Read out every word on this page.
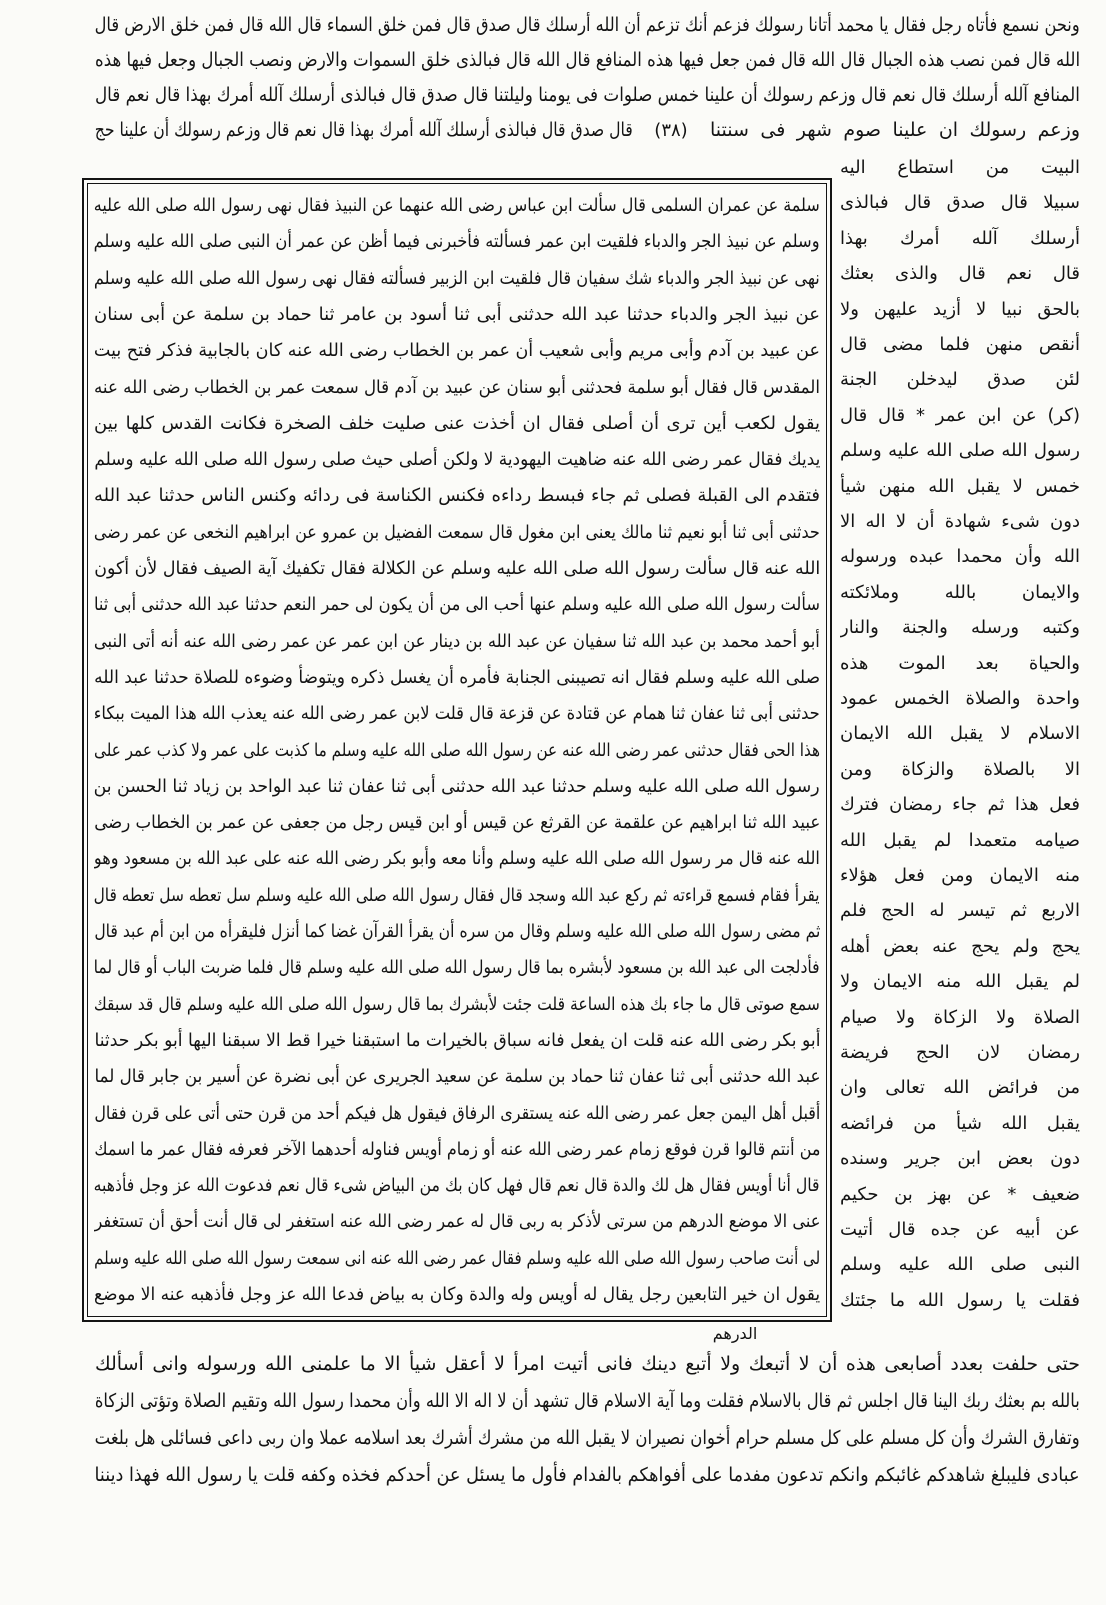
ونحن نسمع فأتاه رجل فقال يا محمد أتانا رسولك فزعم أنك تزعم أن الله أرسلك قال صدق قال فمن خلق السماء قال الله قال فمن خلق الارض قال
الله قال فمن نصب هذه الجبال قال الله قال فمن جعل فيها هذه المنافع قال الله قال فبالذى خلق السموات والارض ونصب الجبال وجعل فيها هذه
المنافع آلله أرسلك قال نعم قال وزعم رسولك أن علينا خمس صلوات فى يومنا وليلتنا قال صدق قال فبالذى أرسلك آلله أمرك بهذا قال نعم قال
وزعم رسولك ان علينا صوم شهر فى سنتنا
(٣٨)
قال صدق قال فبالذى أرسلك آلله أمرك بهذا قال نعم قال وزعم رسولك أن علينا حج
البيت من استطاع اليه
سبيلا قال صدق قال فبالذى
أرسلك آلله أمرك بهذا
قال نعم قال والذى بعثك
بالحق نبيا لا أزيد عليهن ولا
أنقص منهن فلما مضى قال
لئن صدق ليدخلن الجنة
(كر) عن ابن عمر * قال قال
رسول الله صلى الله عليه وسلم
خمس لا يقبل الله منهن شيأ
دون شىء شهادة أن لا اله الا
الله وأن محمدا عبده ورسوله
والايمان بالله وملائكته
وكتبه ورسله والجنة والنار
والحياة بعد الموت هذه
واحدة والصلاة الخمس عمود
الاسلام لا يقبل الله الايمان
الا بالصلاة والزكاة ومن
فعل هذا ثم جاء رمضان فترك
صيامه متعمدا لم يقبل الله
منه الايمان ومن فعل هؤلاء
الاربع ثم تيسر له الحج فلم
يحج ولم يحج عنه بعض أهله
لم يقبل الله منه الايمان ولا
الصلاة ولا الزكاة ولا صيام
رمضان لان الحج فريضة
من فرائض الله تعالى وان
يقبل الله شيأ من فرائضه
دون بعض ابن جرير وسنده
ضعيف * عن بهز بن حكيم
عن أبيه عن جده قال أتيت
النبى صلى الله عليه وسلم
فقلت يا رسول الله ما جئتك
سلمة عن عمران السلمى قال سألت ابن عباس رضى الله عنهما عن النبيذ فقال نهى رسول الله صلى الله عليه
وسلم عن نبيذ الجر والدباء فلقيت ابن عمر فسألته فأخبرنى فيما أظن عن عمر أن النبى صلى الله عليه وسلم
نهى عن نبيذ الجر والدباء شك سفيان قال فلقيت ابن الزبير فسألته فقال نهى رسول الله صلى الله عليه وسلم
عن نبيذ الجر والدباء حدثنا عبد الله حدثنى أبى ثنا أسود بن عامر ثنا حماد بن سلمة عن أبى سنان
عن عبيد بن آدم وأبى مريم وأبى شعيب أن عمر بن الخطاب رضى الله عنه كان بالجابية فذكر فتح بيت
المقدس قال فقال أبو سلمة فحدثنى أبو سنان عن عبيد بن آدم قال سمعت عمر بن الخطاب رضى الله عنه
يقول لكعب أين ترى أن أصلى فقال ان أخذت عنى صليت خلف الصخرة فكانت القدس كلها بين
يديك فقال عمر رضى الله عنه ضاهيت اليهودية لا ولكن أصلى حيث صلى رسول الله صلى الله عليه وسلم
فتقدم الى القبلة فصلى ثم جاء فبسط رداءه فكنس الكناسة فى ردائه وكنس الناس حدثنا عبد الله
حدثنى أبى ثنا أبو نعيم ثنا مالك يعنى ابن مغول قال سمعت الفضيل بن عمرو عن ابراهيم النخعى عن عمر رضى
الله عنه قال سألت رسول الله صلى الله عليه وسلم عن الكلالة فقال تكفيك آية الصيف فقال لأن أكون
سألت رسول الله صلى الله عليه وسلم عنها أحب الى من أن يكون لى حمر النعم حدثنا عبد الله حدثنى أبى ثنا
أبو أحمد محمد بن عبد الله ثنا سفيان عن عبد الله بن دينار عن ابن عمر عن عمر رضى الله عنه أنه أتى النبى
صلى الله عليه وسلم فقال انه تصيبنى الجنابة فأمره أن يغسل ذكره ويتوضأ وضوءه للصلاة حدثنا عبد الله
حدثنى أبى ثنا عفان ثنا همام عن قتادة عن قزعة قال قلت لابن عمر رضى الله عنه يعذب الله هذا الميت ببكاء
هذا الحى فقال حدثنى عمر رضى الله عنه عن رسول الله صلى الله عليه وسلم ما كذبت على عمر ولا كذب عمر على
رسول الله صلى الله عليه وسلم حدثنا عبد الله حدثنى أبى ثنا عفان ثنا عبد الواحد بن زياد ثنا الحسن بن
عبيد الله ثنا ابراهيم عن علقمة عن القرثع عن قيس أو ابن قيس رجل من جعفى عن عمر بن الخطاب رضى
الله عنه قال مر رسول الله صلى الله عليه وسلم وأنا معه وأبو بكر رضى الله عنه على عبد الله بن مسعود وهو
يقرأ فقام فسمع قراءته ثم ركع عبد الله وسجد قال فقال رسول الله صلى الله عليه وسلم سل تعطه سل تعطه قال
ثم مضى رسول الله صلى الله عليه وسلم وقال من سره أن يقرأ القرآن غضا كما أنزل فليقرأه من ابن أم عبد قال
فأدلجت الى عبد الله بن مسعود لأبشره بما قال رسول الله صلى الله عليه وسلم قال فلما ضربت الباب أو قال لما
سمع صوتى قال ما جاء بك هذه الساعة قلت جئت لأبشرك بما قال رسول الله صلى الله عليه وسلم قال قد سبقك
أبو بكر رضى الله عنه قلت ان يفعل فانه سباق بالخيرات ما استبقنا خيرا قط الا سبقنا اليها أبو بكر حدثنا
عبد الله حدثنى أبى ثنا عفان ثنا حماد بن سلمة عن سعيد الجريرى عن أبى نضرة عن أسير بن جابر قال لما
أقبل أهل اليمن جعل عمر رضى الله عنه يستقرى الرفاق فيقول هل فيكم أحد من قرن حتى أتى على قرن فقال
من أنتم قالوا قرن فوقع زمام عمر رضى الله عنه أو زمام أويس فناوله أحدهما الآخر فعرفه فقال عمر ما اسمك
قال أنا أويس فقال هل لك والدة قال نعم قال فهل كان بك من البياض شىء قال نعم فدعوت الله عز وجل فأذهبه
عنى الا موضع الدرهم من سرتى لأذكر به ربى قال له عمر رضى الله عنه استغفر لى قال أنت أحق أن تستغفر
لى أنت صاحب رسول الله صلى الله عليه وسلم فقال عمر رضى الله عنه انى سمعت رسول الله صلى الله عليه وسلم
يقول ان خير التابعين رجل يقال له أويس وله والدة وكان به بياض فدعا الله عز وجل فأذهبه عنه الا موضع
الدرهم
حتى حلفت بعدد أصابعى هذه أن لا أتبعك ولا أتبع دينك فانى أتيت امرأ لا أعقل شيأ الا ما علمنى الله ورسوله وانى أسألك
بالله بم بعثك ربك الينا قال اجلس ثم قال بالاسلام فقلت وما آية الاسلام قال تشهد أن لا اله الا الله وأن محمدا رسول الله وتقيم الصلاة وتؤتى الزكاة
وتفارق الشرك وأن كل مسلم على كل مسلم حرام أخوان نصيران لا يقبل الله من مشرك أشرك بعد اسلامه عملا وان ربى داعى فسائلى هل بلغت
عبادى فليبلغ شاهدكم غائبكم وانكم تدعون مفدما على أفواهكم بالفدام فأول ما يسئل عن أحدكم فخذه وكفه قلت يا رسول الله فهذا ديننا
